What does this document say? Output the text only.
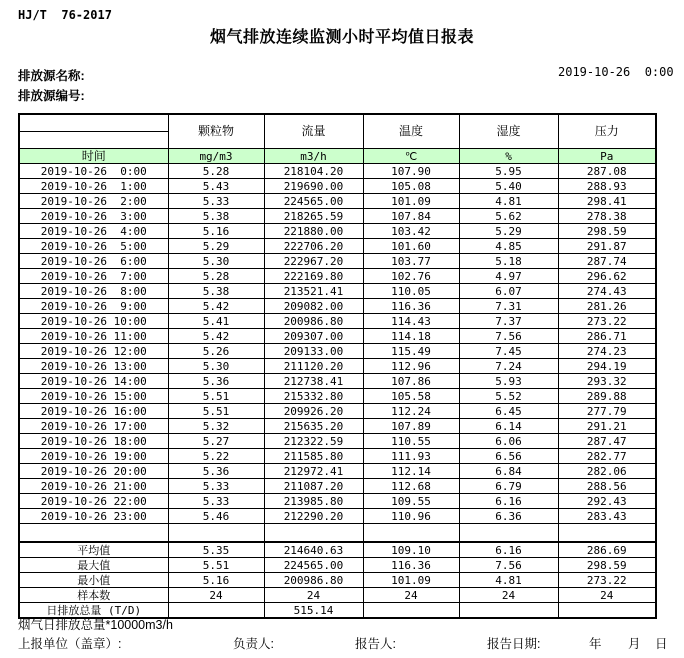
HJ/T  76-2017
烟气排放连续监测小时平均值日报表
排放源名称:
排放源编号:
2019-10-26  0:00
	颗粒物	流量	温度	湿度	压力

时间	mg/m3	m3/h	℃	%	Pa
2019-10-26  0:00	5.28	218104.20	107.90	5.95	287.08
2019-10-26  1:00	5.43	219690.00	105.08	5.40	288.93
2019-10-26  2:00	5.33	224565.00	101.09	4.81	298.41
2019-10-26  3:00	5.38	218265.59	107.84	5.62	278.38
2019-10-26  4:00	5.16	221880.00	103.42	5.29	298.59
2019-10-26  5:00	5.29	222706.20	101.60	4.85	291.87
2019-10-26  6:00	5.30	222967.20	103.77	5.18	287.74
2019-10-26  7:00	5.28	222169.80	102.76	4.97	296.62
2019-10-26  8:00	5.38	213521.41	110.05	6.07	274.43
2019-10-26  9:00	5.42	209082.00	116.36	7.31	281.26
2019-10-26 10:00	5.41	200986.80	114.43	7.37	273.22
2019-10-26 11:00	5.42	209307.00	114.18	7.56	286.71
2019-10-26 12:00	5.26	209133.00	115.49	7.45	274.23
2019-10-26 13:00	5.30	211120.20	112.96	7.24	294.19
2019-10-26 14:00	5.36	212738.41	107.86	5.93	293.32
2019-10-26 15:00	5.51	215332.80	105.58	5.52	289.88
2019-10-26 16:00	5.51	209926.20	112.24	6.45	277.79
2019-10-26 17:00	5.32	215635.20	107.89	6.14	291.21
2019-10-26 18:00	5.27	212322.59	110.55	6.06	287.47
2019-10-26 19:00	5.22	211585.80	111.93	6.56	282.77
2019-10-26 20:00	5.36	212972.41	112.14	6.84	282.06
2019-10-26 21:00	5.33	211087.20	112.68	6.79	288.56
2019-10-26 22:00	5.33	213985.80	109.55	6.16	292.43
2019-10-26 23:00	5.46	212290.20	110.96	6.36	283.43

平均值	5.35	214640.63	109.10	6.16	286.69
最大值	5.51	224565.00	116.36	7.56	298.59
最小值	5.16	200986.80	101.09	4.81	273.22
样本数	24	24	24	24	24
日排放总量 (T/D)		515.14			
烟气日排放总量*10000m3/h
上报单位（盖章）:	负责人:	报告人:	报告日期:	年 月 日
